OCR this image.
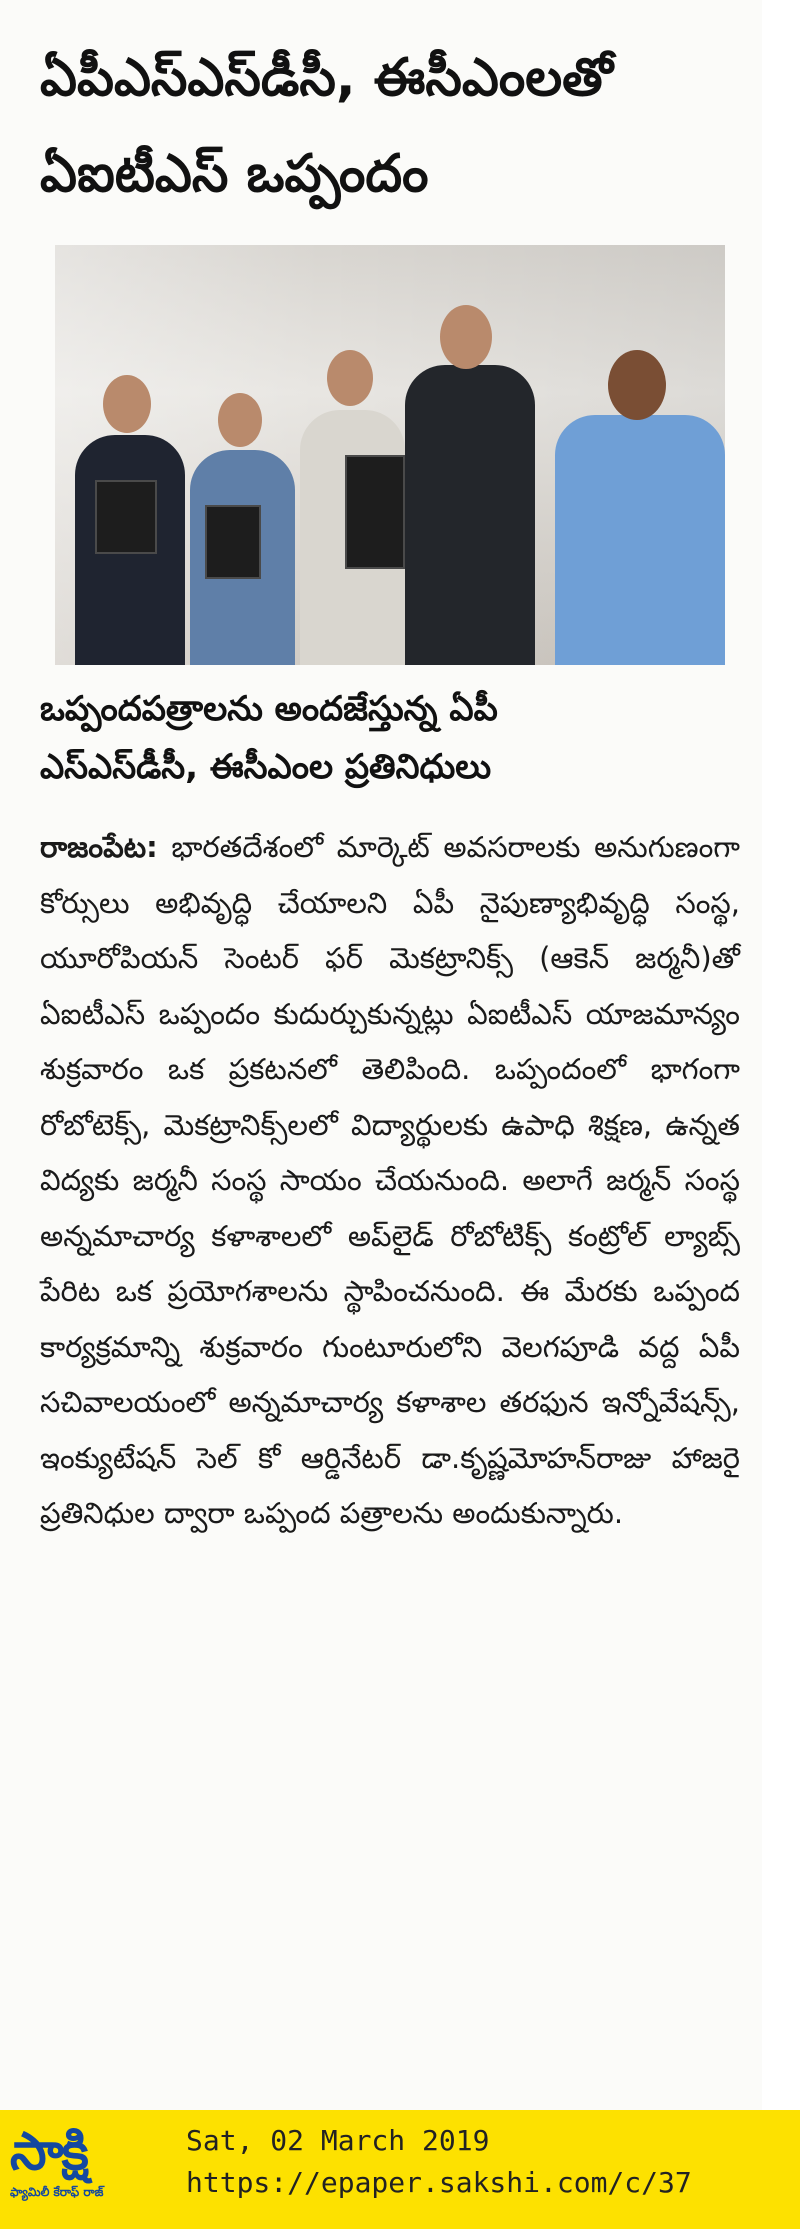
ఏపీఎస్‌ఎస్‌డీసీ, ఈసీఎంలతో
ఏఐటీఎస్ ఒప్పందం
ఒప్పందపత్రాలను అందజేస్తున్న ఏపీ
ఎస్‌ఎస్‌డీసీ, ఈసీఎంల ప్రతినిధులు
రాజంపేట: భారతదేశంలో మార్కెట్ అవసరాలకు అనుగుణంగా కోర్సులు అభివృద్ధి చేయాలని ఏపీ నైపుణ్యాభివృద్ధి సంస్థ, యూరోపియన్ సెంటర్ ఫర్ మెకట్రానిక్స్ (ఆకెన్ జర్మనీ)తో ఏఐటీఎస్ ఒప్పందం కుదుర్చుకున్నట్లు ఏఐటీఎస్ యాజమాన్యం శుక్రవారం ఒక ప్రకటనలో తెలిపింది. ఒప్పందంలో భాగంగా రోబోటెక్స్, మెకట్రానిక్స్‌లలో విద్యార్థులకు ఉపాధి శిక్షణ, ఉన్నత విద్యకు జర్మనీ సంస్థ సాయం చేయనుంది. అలాగే జర్మన్ సంస్థ అన్నమాచార్య కళాశాలలో అప్‌లైడ్ రోబోటిక్స్ కంట్రోల్ ల్యాబ్స్ పేరిట ఒక ప్రయోగశాలను స్థాపించనుంది. ఈ మేరకు ఒప్పంద కార్యక్రమాన్ని శుక్రవారం గుంటూరులోని వెలగపూడి వద్ద ఏపీ సచివాలయంలో అన్నమాచార్య కళాశాల తరఫున ఇన్నోవేషన్స్, ఇంక్యుటేషన్ సెల్ కో ఆర్డినేటర్ డా.కృష్ణమోహన్‌రాజు హాజరై ప్రతినిధుల ద్వారా ఒప్పంద పత్రాలను అందుకున్నారు.
సాక్షి
ఫ్యామిలీ కేరాఫ్ రాజ్
Sat, 02 March 2019
https://epaper.sakshi.com/c/37
